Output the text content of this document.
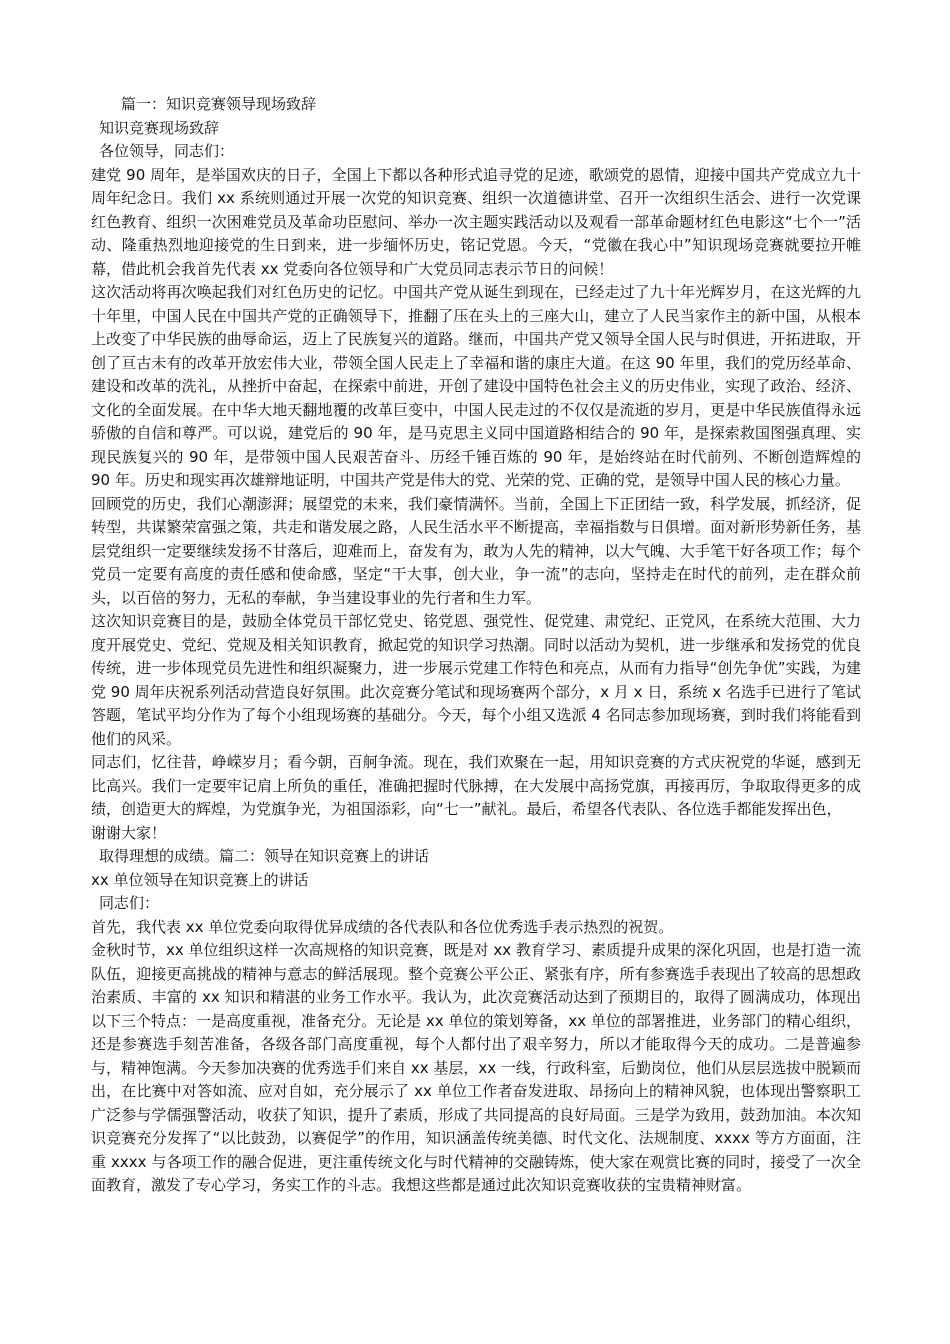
篇一：知识竞赛领导现场致辞

知识竞赛现场致辞

各位领导，同志们：

建党 90 周年，是举国欢庆的日子，全国上下都以各种形式追寻党的足迹，歌颂党的恩情，迎接中国共产党成立九十周年纪念日。我们 xx 系统则通过开展一次党的知识竞赛、组织一次道德讲堂、召开一次组织生活会、进行一次党课红色教育、组织一次困难党员及革命功臣慰问、举办一次主题实践活动以及观看一部革命题材红色电影这“七个一”活动、隆重热烈地迎接党的生日到来，进一步缅怀历史，铭记党恩。今天，“党徽在我心中”知识现场竞赛就要拉开帷幕，借此机会我首先代表 xx 党委向各位领导和广大党员同志表示节日的问候！

这次活动将再次唤起我们对红色历史的记忆。中国共产党从诞生到现在，已经走过了九十年光辉岁月，在这光辉的九十年里，中国人民在中国共产党的正确领导下，推翻了压在头上的三座大山，建立了人民当家作主的新中国，从根本上改变了中华民族的曲辱命运，迈上了民族复兴的道路。继而，中国共产党又领导全国人民与时俱进，开拓进取，开创了亘古未有的改革开放宏伟大业，带领全国人民走上了幸福和谐的康庄大道。在这 90 年里，我们的党历经革命、建设和改革的洗礼，从挫折中奋起，在探索中前进，开创了建设中国特色社会主义的历史伟业，实现了政治、经济、文化的全面发展。在中华大地天翻地覆的改革巨变中，中国人民走过的不仅仅是流逝的岁月，更是中华民族值得永远骄傲的自信和尊严。可以说，建党后的 90 年，是马克思主义同中国道路相结合的 90 年，是探索救国图强真理、实现民族复兴的 90 年，是带领中国人民艰苦奋斗、历经千锤百炼的 90 年，是始终站在时代前列、不断创造辉煌的 90 年。历史和现实再次雄辩地证明，中国共产党是伟大的党、光荣的党、正确的党，是领导中国人民的核心力量。

回顾党的历史，我们心潮澎湃；展望党的未来，我们豪情满怀。当前，全国上下正团结一致，科学发展，抓经济，促转型，共谋繁荣富强之策，共走和谐发展之路，人民生活水平不断提高，幸福指数与日俱增。面对新形势新任务，基层党组织一定要继续发扬不甘落后，迎难而上，奋发有为，敢为人先的精神，以大气魄、大手笔干好各项工作；每个党员一定要有高度的责任感和使命感，坚定“干大事，创大业，争一流”的志向，坚持走在时代的前列，走在群众前头，以百倍的努力，无私的奉献，争当建设事业的先行者和生力军。

这次知识竞赛目的是，鼓励全体党员干部忆党史、铭党恩、强党性、促党建、肃党纪、正党风，在系统大范围、大力度开展党史、党纪、党规及相关知识教育，掀起党的知识学习热潮。同时以活动为契机，进一步继承和发扬党的优良传统，进一步体现党员先进性和组织凝聚力，进一步展示党建工作特色和亮点，从而有力指导“创先争优”实践，为建党 90 周年庆祝系列活动营造良好氛围。此次竞赛分笔试和现场赛两个部分，x 月 x 日，系统 x 名选手已进行了笔试答题，笔试平均分作为了每个小组现场赛的基础分。今天，每个小组又选派 4 名同志参加现场赛，到时我们将能看到他们的风采。

同志们，忆往昔，峥嵘岁月；看今朝，百舸争流。现在，我们欢聚在一起，用知识竞赛的方式庆祝党的华诞，感到无比高兴。我们一定要牢记肩上所负的重任，准确把握时代脉搏，在大发展中高扬党旗，再接再厉，争取取得更多的成绩，创造更大的辉煌，为党旗争光，为祖国添彩，向“七一”献礼。最后，希望各代表队、各位选手都能发挥出色，

谢谢大家！

取得理想的成绩。篇二：领导在知识竞赛上的讲话

xx 单位领导在知识竞赛上的讲话

同志们：

首先，我代表 xx 单位党委向取得优异成绩的各代表队和各位优秀选手表示热烈的祝贺。

金秋时节，xx 单位组织这样一次高规格的知识竞赛，既是对 xx 教育学习、素质提升成果的深化巩固，也是打造一流队伍，迎接更高挑战的精神与意志的鲜活展现。整个竞赛公平公正、紧张有序，所有参赛选手表现出了较高的思想政治素质、丰富的 xx 知识和精湛的业务工作水平。我认为，此次竞赛活动达到了预期目的，取得了圆满成功，体现出以下三个特点：一是高度重视，准备充分。无论是 xx 单位的策划筹备，xx 单位的部署推进，业务部门的精心组织，还是参赛选手刻苦准备，各级各部门高度重视，每个人都付出了艰辛努力，所以才能取得今天的成功。二是普遍参与，精神饱满。今天参加决赛的优秀选手们来自 xx 基层，xx 一线，行政科室，后勤岗位，他们从层层选拔中脱颖而出，在比赛中对答如流、应对自如，充分展示了 xx 单位工作者奋发进取、昂扬向上的精神风貌，也体现出警察职工广泛参与学儒强警活动，收获了知识，提升了素质，形成了共同提高的良好局面。三是学为致用，鼓劲加油。本次知识竞赛充分发挥了“以比鼓劲，以赛促学”的作用，知识涵盖传统美德、时代文化、法规制度、xxxx 等方方面面，注重 xxxx 与各项工作的融合促进，更注重传统文化与时代精神的交融铸炼，使大家在观赏比赛的同时，接受了一次全面教育，激发了专心学习，务实工作的斗志。我想这些都是通过此次知识竞赛收获的宝贵精神财富。
